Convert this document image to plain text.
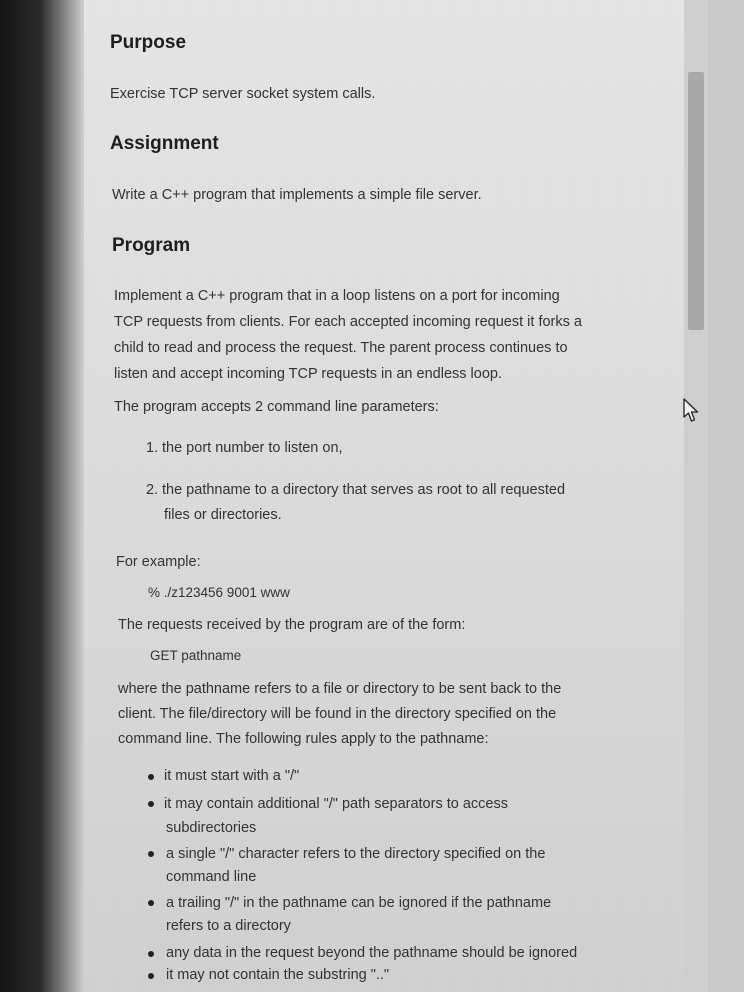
Purpose
Exercise TCP server socket system calls.
Assignment
Write a C++ program that implements a simple file server.
Program
Implement a C++ program that in a loop listens on a port for incoming
TCP requests from clients. For each accepted incoming request it forks a
child to read and process the request. The parent process continues to
listen and accept incoming TCP requests in an endless loop.
The program accepts 2 command line parameters:
1. the port number to listen on,
2. the pathname to a directory that serves as root to all requested
files or directories.
For example:
% ./z123456 9001 www
The requests received by the program are of the form:
GET pathname
where the pathname refers to a file or directory to be sent back to the
client. The file/directory will be found in the directory specified on the
command line. The following rules apply to the pathname:
it must start with a "/"
it may contain additional "/" path separators to access
subdirectories
a single "/" character refers to the directory specified on the
command line
a trailing "/" in the pathname can be ignored if the pathname
refers to a directory
any data in the request beyond the pathname should be ignored
it may not contain the substring ".."
